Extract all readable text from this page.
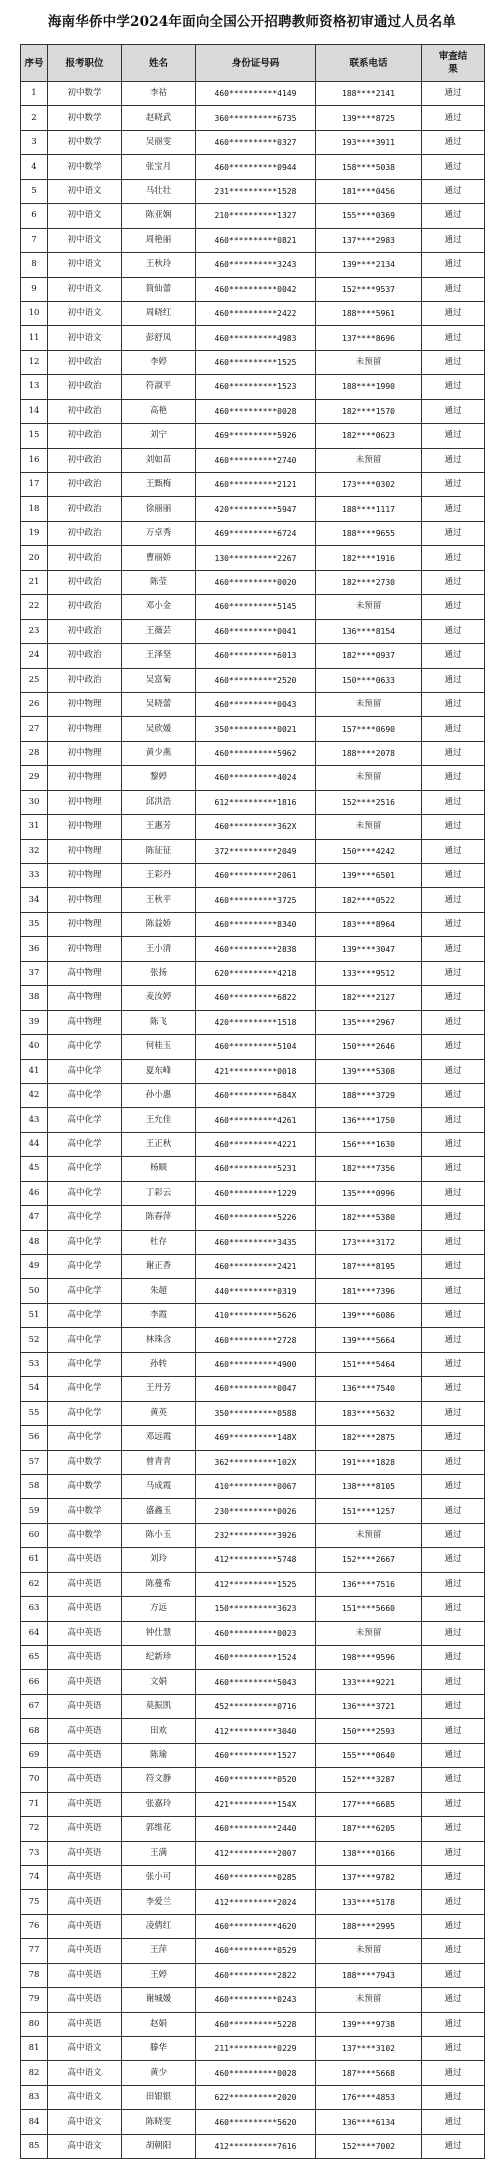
海南华侨中学2024年面向全国公开招聘教师资格初审通过人员名单
序号	报考职位	姓名	身份证号码	联系电话	审查结果
1	初中数学	李祜	460**********4149	188****2141	通过
2	初中数学	赵晓武	360**********6735	139****8725	通过
3	初中数学	吴丽雯	460**********0327	193****3911	通过
4	初中数学	张宝月	460**********0944	158****5038	通过
5	初中语文	马壮壮	231**********1528	181****0456	通过
6	初中语文	陈亚娴	210**********1327	155****0369	通过
7	初中语文	周艳丽	460**********0821	137****2983	通过
8	初中语文	王秋玲	460**********3243	139****2134	通过
9	初中语文	简仙蕾	460**********0042	152****9537	通过
10	初中语文	周晓红	460**********2422	188****5961	通过
11	初中语文	彭舒凤	460**********4983	137****8696	通过
12	初中政治	李婷	460**********1525	未预留	通过
13	初中政治	符淑平	460**********1523	188****1990	通过
14	初中政治	高艳	460**********0028	182****1570	通过
15	初中政治	刘宁	469**********5926	182****0623	通过
16	初中政治	刘如苗	460**********2740	未预留	通过
17	初中政治	王甄梅	460**********2121	173****0302	通过
18	初中政治	徐丽丽	420**********5947	188****1117	通过
19	初中政治	万卓秀	469**********6724	188****9655	通过
20	初中政治	曹丽娇	130**********2267	182****1916	通过
21	初中政治	陈莹	460**********0020	182****2730	通过
22	初中政治	邓小金	460**********5145	未预留	通过
23	初中政治	王薇芸	460**********0041	136****8154	通过
24	初中政治	王泽坚	460**********6013	182****0937	通过
25	初中政治	吴富菊	460**********2520	150****0633	通过
26	初中物理	吴晓蕾	460**********0043	未预留	通过
27	初中物理	吴欣媛	350**********0021	157****0690	通过
28	初中物理	黄少燕	460**********5962	188****2078	通过
29	初中物理	黎婷	460**********4024	未预留	通过
30	初中物理	邱洪浩	612**********1816	152****2516	通过
31	初中物理	王惠芳	460**********362X	未预留	通过
32	初中物理	陈征征	372**********2049	150****4242	通过
33	初中物理	王彩丹	460**********2061	139****6501	通过
34	初中物理	王秋平	460**********3725	182****0522	通过
35	初中物理	陈益娇	460**********8340	183****8964	通过
36	初中物理	王小清	460**********2838	139****3047	通过
37	高中物理	张扬	620**********4218	133****9512	通过
38	高中物理	麦汝婷	460**********6822	182****2127	通过
39	高中物理	陈飞	420**********1518	135****2967	通过
40	高中化学	何桂玉	460**********5104	150****2646	通过
41	高中化学	夏东峰	421**********0018	139****5308	通过
42	高中化学	孙小惠	460**********684X	188****3729	通过
43	高中化学	王允佳	460**********4261	136****1750	通过
44	高中化学	王正秋	460**********4221	156****1630	通过
45	高中化学	杨顺	460**********5231	182****7356	通过
46	高中化学	丁彩云	460**********1229	135****0996	通过
47	高中化学	陈春萍	460**********5226	182****5380	通过
48	高中化学	杜存	460**********3435	173****3172	通过
49	高中化学	谢正香	460**********2421	187****8195	通过
50	高中化学	朱超	440**********0319	181****7396	通过
51	高中化学	李霞	410**********5626	139****6086	通过
52	高中化学	林珠含	460**********2728	139****5664	通过
53	高中化学	孙转	460**********4900	151****5464	通过
54	高中化学	王丹芳	460**********0047	136****7540	通过
55	高中化学	黄英	350**********0588	183****5632	通过
56	高中化学	邓远霞	469**********148X	182****2875	通过
57	高中数学	曾青青	362**********102X	191****1828	通过
58	高中数学	马成霞	410**********0067	138****8105	通过
59	高中数学	盛鑫玉	230**********0026	151****1257	通过
60	高中数学	陈小玉	232**********3926	未预留	通过
61	高中英语	刘玲	412**********5748	152****2667	通过
62	高中英语	陈蔓希	412**********1525	136****7516	通过
63	高中英语	方远	150**********3623	151****5660	通过
64	高中英语	钟仕慧	460**********0023	未预留	通过
65	高中英语	纪新珍	460**********1524	198****9596	通过
66	高中英语	文娟	460**********5043	133****9221	通过
67	高中英语	莫振凯	452**********0716	136****3721	通过
68	高中英语	田欢	412**********3040	150****2593	通过
69	高中英语	陈瑜	460**********1527	155****0640	通过
70	高中英语	符文静	460**********0520	152****3287	通过
71	高中英语	张嘉玲	421**********154X	177****6685	通过
72	高中英语	郭维花	460**********2440	187****6205	通过
73	高中英语	王满	412**********2007	138****0166	通过
74	高中英语	张小可	460**********0285	137****9782	通过
75	高中英语	李爱兰	412**********2024	133****5178	通过
76	高中英语	凌倩红	460**********4620	188****2995	通过
77	高中英语	王萍	460**********0529	未预留	通过
78	高中英语	王婷	460**********2822	188****7943	通过
79	高中英语	谢城媛	460**********0243	未预留	通过
80	高中英语	赵娟	460**********5228	139****9738	通过
81	高中语文	滕华	211**********0229	137****3102	通过
82	高中语文	黄少	460**********0028	187****5668	通过
83	高中语文	田银银	622**********2020	176****4853	通过
84	高中语文	陈晓雯	460**********5620	136****6134	通过
85	高中语文	胡朝阳	412**********7616	152****7002	通过
